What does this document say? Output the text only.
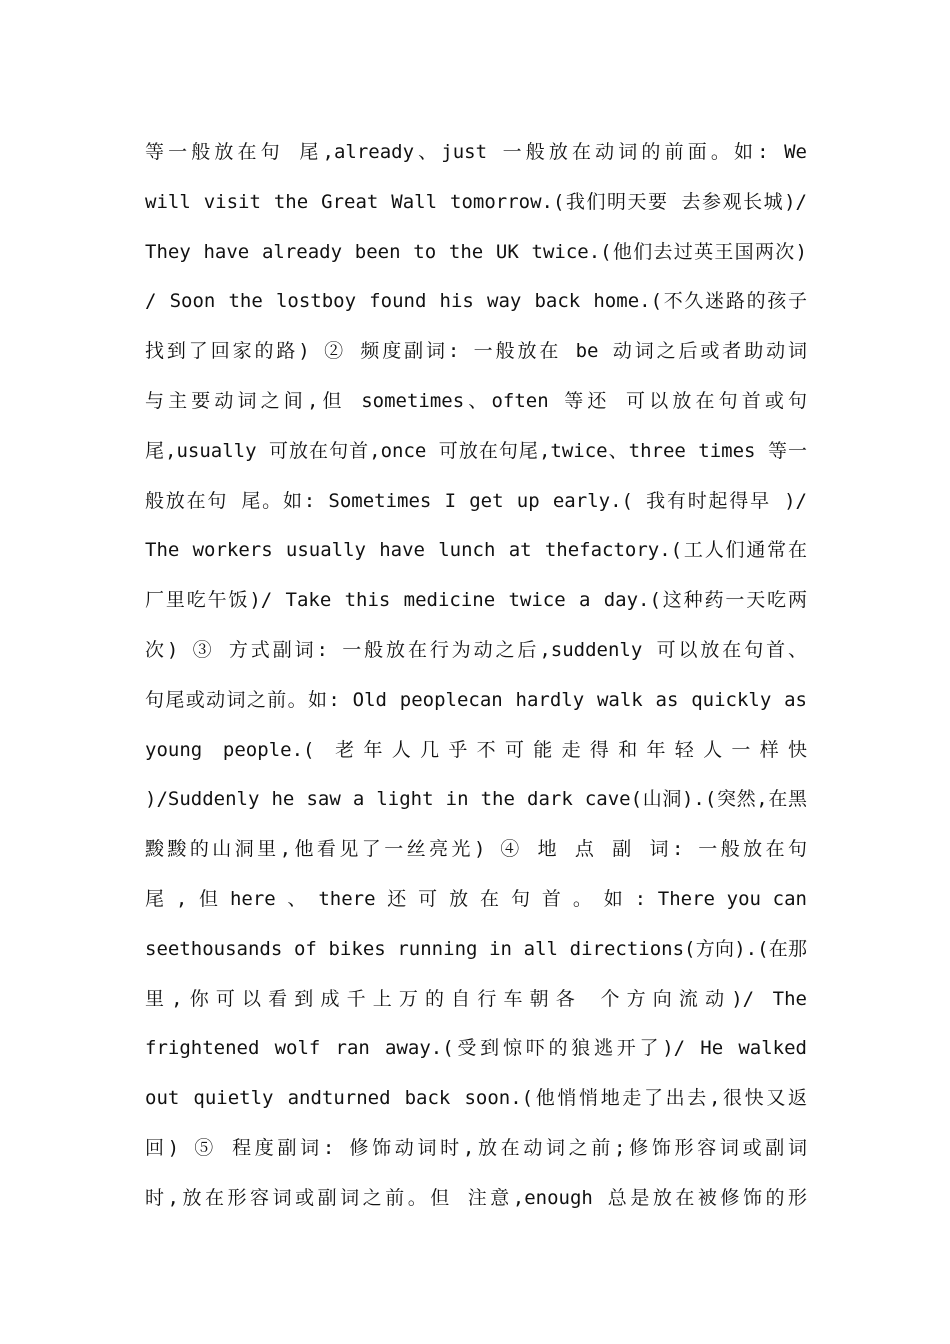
等一般放在句 尾,already、just 一般放在动词的前面。如: We
will visit the Great Wall tomorrow.(我们明天要 去参观长城)/
They have already been to the UK twice.(他们去过英王国两次)
/ Soon the lostboy found his way back home.(不久迷路的孩子
找到了回家的路) ② 频度副词: 一般放在 be 动词之后或者助动词
与主要动词之间,但 sometimes、often 等还 可以放在句首或句
尾,usually 可放在句首,once 可放在句尾,twice、three times 等一
般放在句 尾。如: Sometimes I get up early.( 我有时起得早 )/
The workers usually have lunch at thefactory.(工人们通常在
厂里吃午饭)/ Take this medicine twice a day.(这种药一天吃两
次) ③ 方式副词: 一般放在行为动之后,suddenly 可以放在句首、
句尾或动词之前。如: Old peoplecan hardly walk as quickly as
young people.( 老年人几乎不可能走得和年轻人一样快
)/Suddenly he saw a light in the dark cave(山洞).(突然,在黑
黢黢的山洞里,他看见了一丝亮光) ④ 地 点 副 词: 一般放在句
尾 , 但 here 、 there 还 可 放 在 句 首 。 如 : There you can
seethousands of bikes running in all directions(方向).(在那
里,你可以看到成千上万的自行车朝各 个方向流动)/ The
frightened wolf ran away.(受到惊吓的狼逃开了)/ He walked
out quietly andturned back soon.(他悄悄地走了出去,很快又返
回) ⑤ 程度副词: 修饰动词时,放在动词之前;修饰形容词或副词
时,放在形容词或副词之前。但 注意,enough 总是放在被修饰的形
